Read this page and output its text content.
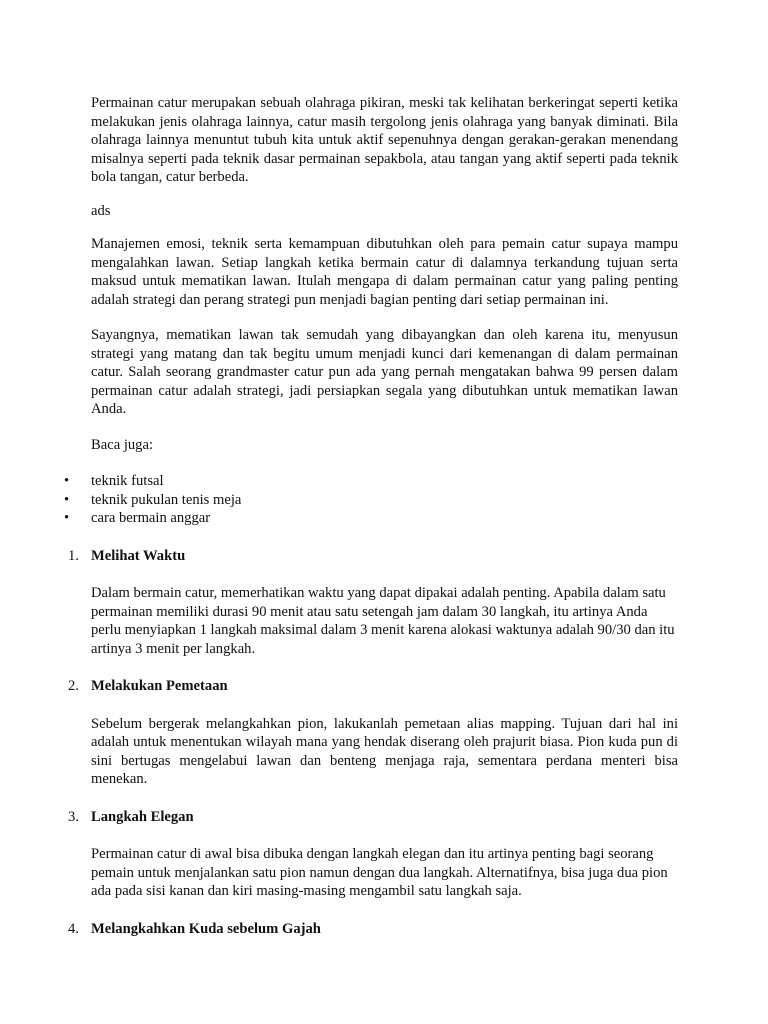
Permainan catur merupakan sebuah olahraga pikiran, meski tak kelihatan berkeringat seperti ketika melakukan jenis olahraga lainnya, catur masih tergolong jenis olahraga yang banyak diminati. Bila olahraga lainnya menuntut tubuh kita untuk aktif sepenuhnya dengan gerakan-gerakan menendang misalnya seperti pada teknik dasar permainan sepakbola, atau tangan yang aktif seperti pada teknik bola tangan, catur berbeda.

ads

Manajemen emosi, teknik serta kemampuan dibutuhkan oleh para pemain catur supaya mampu mengalahkan lawan. Setiap langkah ketika bermain catur di dalamnya terkandung tujuan serta maksud untuk mematikan lawan. Itulah mengapa di dalam permainan catur yang paling penting adalah strategi dan perang strategi pun menjadi bagian penting dari setiap permainan ini.

Sayangnya, mematikan lawan tak semudah yang dibayangkan dan oleh karena itu, menyusun strategi yang matang dan tak begitu umum menjadi kunci dari kemenangan di dalam permainan catur. Salah seorang grandmaster catur pun ada yang pernah mengatakan bahwa 99 persen dalam permainan catur adalah strategi, jadi persiapkan segala yang dibutuhkan untuk mematikan lawan Anda.

Baca juga:

• teknik futsal
• teknik pukulan tenis meja
• cara bermain anggar
1. Melihat Waktu

Dalam bermain catur, memerhatikan waktu yang dapat dipakai adalah penting. Apabila dalam satu permainan memiliki durasi 90 menit atau satu setengah jam dalam 30 langkah, itu artinya Anda perlu menyiapkan 1 langkah maksimal dalam 3 menit karena alokasi waktunya adalah 90/30 dan itu artinya 3 menit per langkah.

2. Melakukan Pemetaan

Sebelum bergerak melangkahkan pion, lakukanlah pemetaan alias mapping. Tujuan dari hal ini adalah untuk menentukan wilayah mana yang hendak diserang oleh prajurit biasa. Pion kuda pun di sini bertugas mengelabui lawan dan benteng menjaga raja, sementara perdana menteri bisa menekan.

3. Langkah Elegan

Permainan catur di awal bisa dibuka dengan langkah elegan dan itu artinya penting bagi seorang pemain untuk menjalankan satu pion namun dengan dua langkah. Alternatifnya, bisa juga dua pion ada pada sisi kanan dan kiri masing-masing mengambil satu langkah saja.

4. Melangkahkan Kuda sebelum Gajah
